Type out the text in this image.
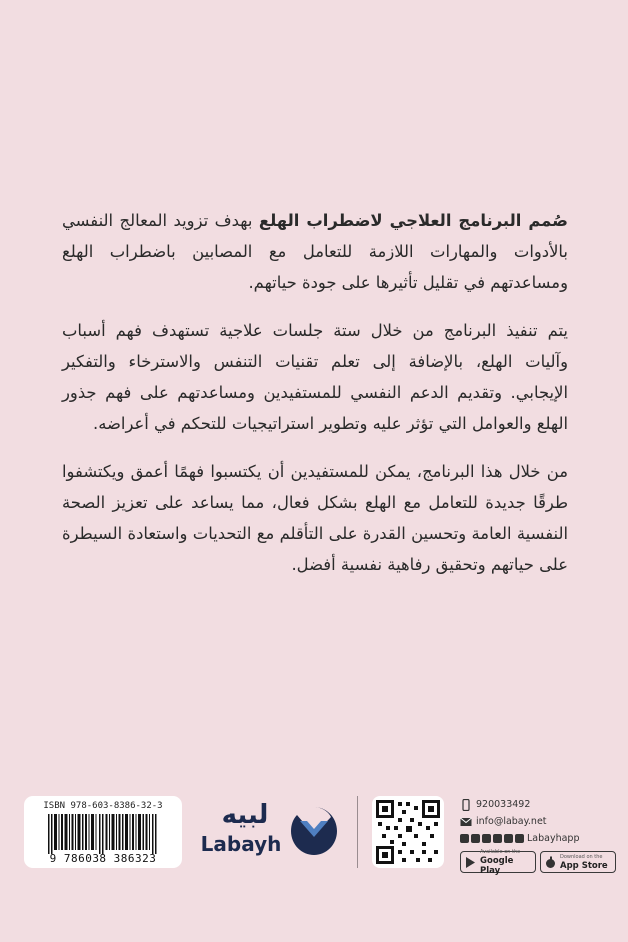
صُمم البرنامج العلاجي لاضطراب الهلع بهدف تزويد المعالج النفسي بالأدوات والمهارات اللازمة للتعامل مع المصابين باضطراب الهلع ومساعدتهم في تقليل تأثيرها على جودة حياتهم.

يتم تنفيذ البرنامج من خلال ستة جلسات علاجية تستهدف فهم أسباب وآليات الهلع، بالإضافة إلى تعلم تقنيات التنفس والاسترخاء والتفكير الإيجابي. وتقديم الدعم النفسي للمستفيدين ومساعدتهم على فهم جذور الهلع والعوامل التي تؤثر عليه وتطوير استراتيجيات للتحكم في أعراضه.

من خلال هذا البرنامج، يمكن للمستفيدين أن يكتسبوا فهمًا أعمق ويكتشفوا طرقًا جديدة للتعامل مع الهلع بشكل فعال، مما يساعد على تعزيز الصحة النفسية العامة وتحسين القدرة على التأقلم مع التحديات واستعادة السيطرة على حياتهم وتحقيق رفاهية نفسية أفضل.

ISBN 978-603-8386-32-3
9 786038 386323
لبيه
Labayh
920033492
info@labay.net
Labayhapp
Available on the
Google Play
Download on the
App Store
